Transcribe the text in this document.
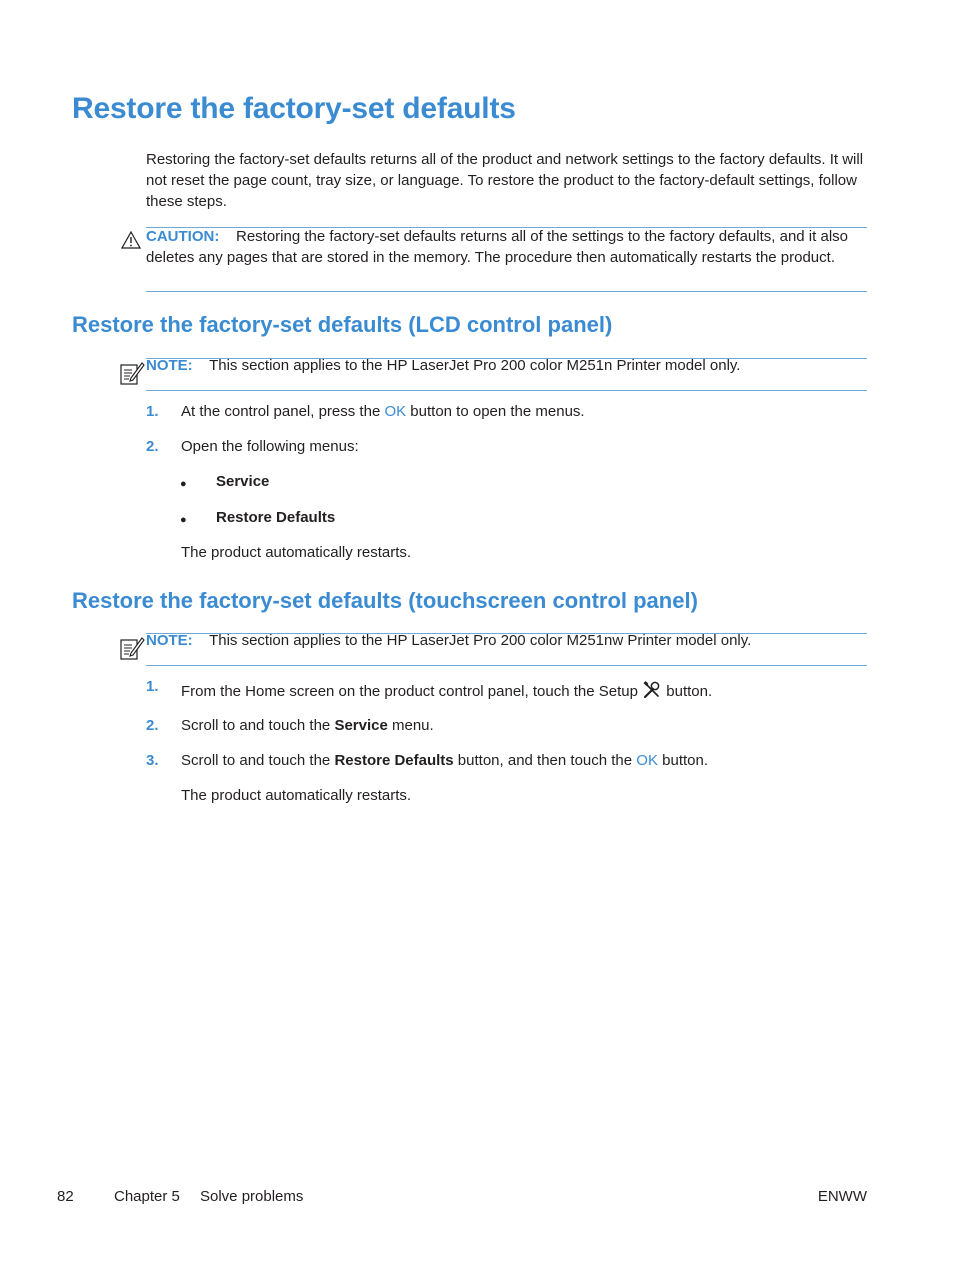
Restore the factory-set defaults
Restoring the factory-set defaults returns all of the product and network settings to the factory defaults. It will not reset the page count, tray size, or language. To restore the product to the factory-default settings, follow these steps.
CAUTION: Restoring the factory-set defaults returns all of the settings to the factory defaults, and it also deletes any pages that are stored in the memory. The procedure then automatically restarts the product.
Restore the factory-set defaults (LCD control panel)
NOTE: This section applies to the HP LaserJet Pro 200 color M251n Printer model only.
1. At the control panel, press the OK button to open the menus.
2. Open the following menus:
● Service
● Restore Defaults
The product automatically restarts.
Restore the factory-set defaults (touchscreen control panel)
NOTE: This section applies to the HP LaserJet Pro 200 color M251nw Printer model only.
1. From the Home screen on the product control panel, touch the Setup  button.
2. Scroll to and touch the Service menu.
3. Scroll to and touch the Restore Defaults button, and then touch the OK button.
The product automatically restarts.
82	Chapter 5 Solve problems	ENWW
